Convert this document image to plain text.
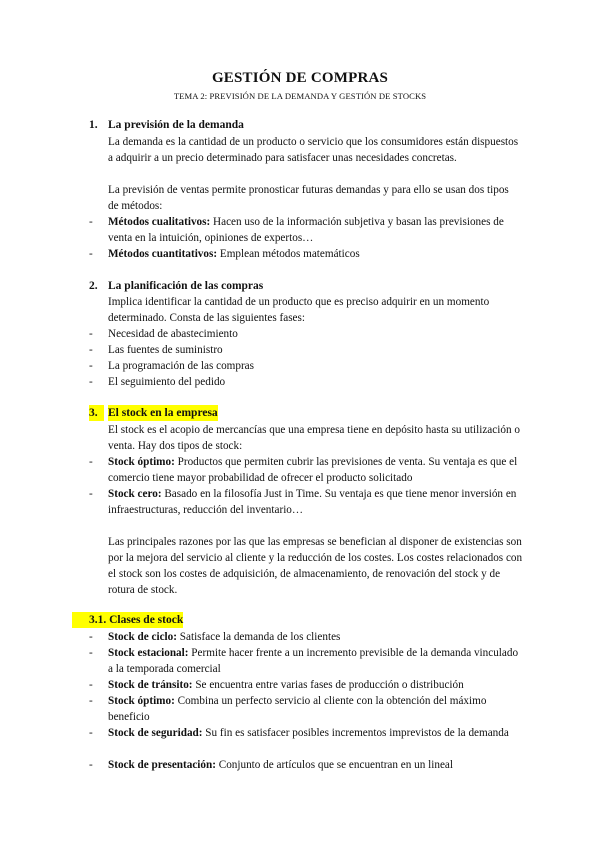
GESTIÓN DE COMPRAS
TEMA 2: PREVISIÓN DE LA DEMANDA Y GESTIÓN DE STOCKS
1. La previsión de la demanda
La demanda es la cantidad de un producto o servicio que los consumidores están dispuestos a adquirir a un precio determinado para satisfacer unas necesidades concretas.
La previsión de ventas permite pronosticar futuras demandas y para ello se usan dos tipos de métodos:
- Métodos cualitativos: Hacen uso de la información subjetiva y basan las previsiones de venta en la intuición, opiniones de expertos…
- Métodos cuantitativos: Emplean métodos matemáticos
2. La planificación de las compras
Implica identificar la cantidad de un producto que es preciso adquirir en un momento determinado. Consta de las siguientes fases:
- Necesidad de abastecimiento
- Las fuentes de suministro
- La programación de las compras
- El seguimiento del pedido
3. El stock en la empresa
El stock es el acopio de mercancías que una empresa tiene en depósito hasta su utilización o venta. Hay dos tipos de stock:
- Stock óptimo: Productos que permiten cubrir las previsiones de venta. Su ventaja es que el comercio tiene mayor probabilidad de ofrecer el producto solicitado
- Stock cero: Basado en la filosofía Just in Time. Su ventaja es que tiene menor inversión en infraestructuras, reducción del inventario…
Las principales razones por las que las empresas se benefician al disponer de existencias son por la mejora del servicio al cliente y la reducción de los costes. Los costes relacionados con el stock son los costes de adquisición, de almacenamiento, de renovación del stock y de rotura de stock.
3.1. Clases de stock
- Stock de ciclo: Satisface la demanda de los clientes
- Stock estacional: Permite hacer frente a un incremento previsible de la demanda vinculado a la temporada comercial
- Stock de tránsito: Se encuentra entre varias fases de producción o distribución
- Stock óptimo: Combina un perfecto servicio al cliente con la obtención del máximo beneficio
- Stock de seguridad: Su fin es satisfacer posibles incrementos imprevistos de la demanda
- Stock de presentación: Conjunto de artículos que se encuentran en un lineal
